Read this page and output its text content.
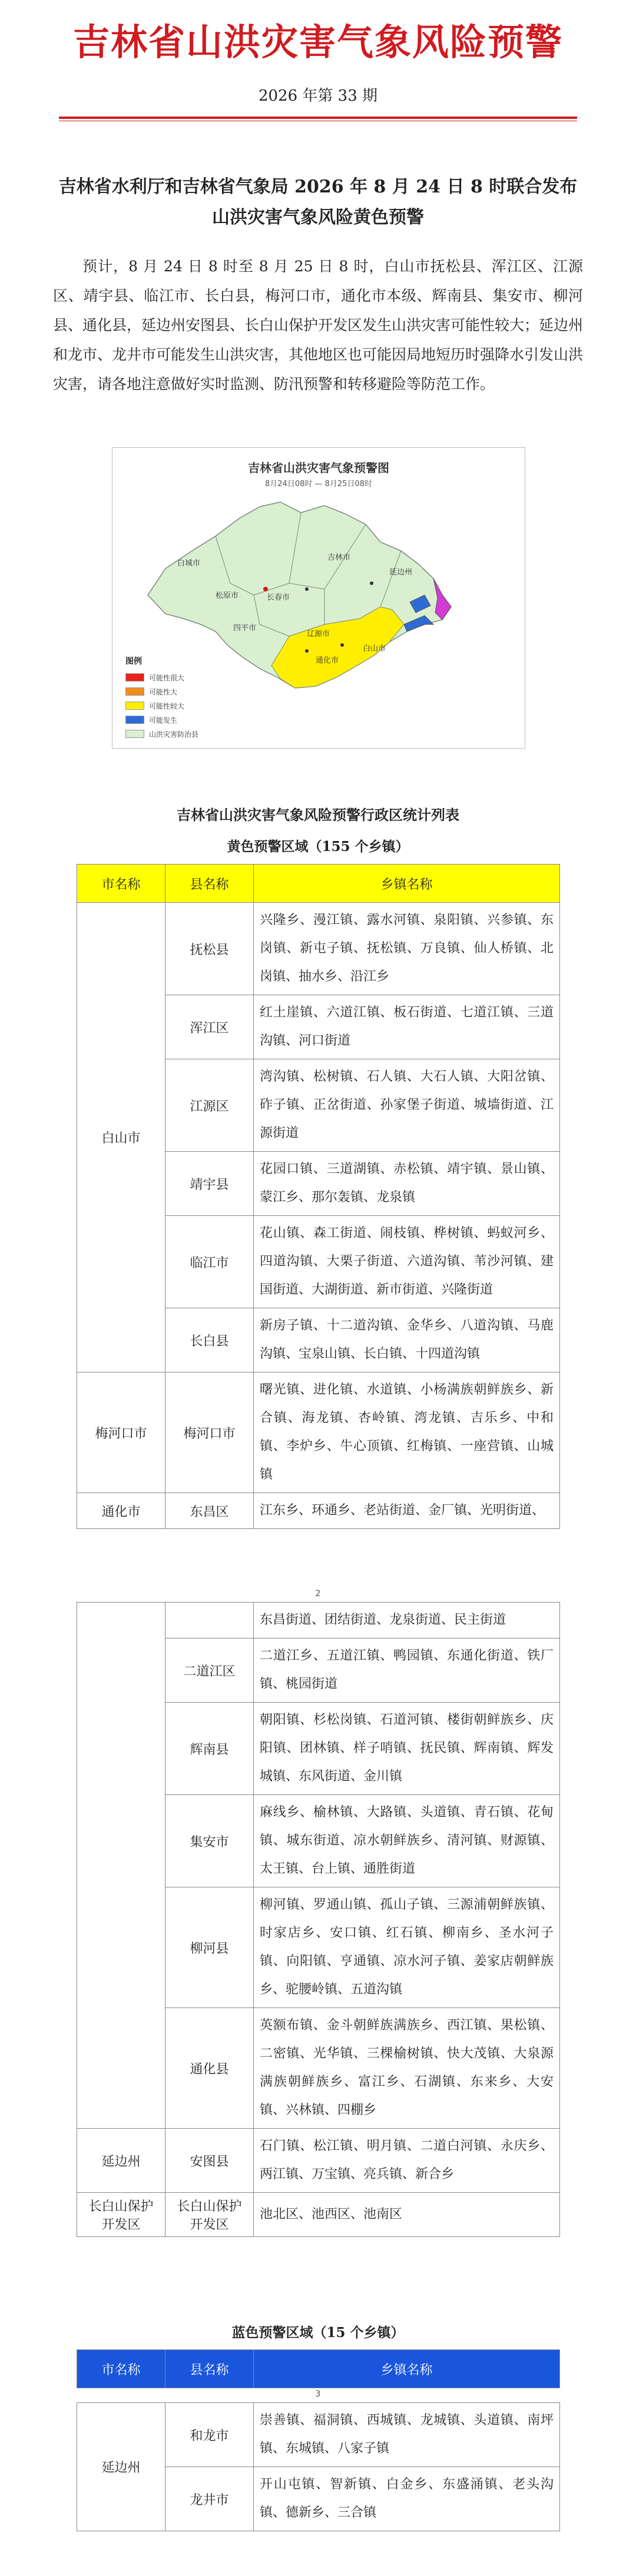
吉林省山洪灾害气象风险预警
2026 年第 33 期
吉林省水利厅和吉林省气象局 2026 年 8 月 24 日 8 时联合发布山洪灾害气象风险黄色预警
预计，8 月 24 日 8 时至 8 月 25 日 8 时，白山市抚松县、浑江区、江源区、靖宇县、临江市、长白县，梅河口市，通化市本级、辉南县、集安市、柳河县、通化县，延边州安图县、长白山保护开发区发生山洪灾害可能性较大；延边州和龙市、龙井市可能发生山洪灾害，其他地区也可能因局地短历时强降水引发山洪灾害，请各地注意做好实时监测、防汛预警和转移避险等防范工作。
白城市
松原市	长春市
吉林市
四平市
辽源市
通化市
白山市
延边州
吉林省山洪灾害气象预警图
8月24日08时 — 8月25日08时
图例
可能性很大
可能性大
可能性较大
可能发生
山洪灾害防治县
吉林省山洪灾害气象风险预警行政区统计列表
黄色预警区域（155 个乡镇）
市名称	县名称	乡镇名称
白山市	抚松县	兴隆乡、漫江镇、露水河镇、泉阳镇、兴参镇、东岗镇、新屯子镇、抚松镇、万良镇、仙人桥镇、北岗镇、抽水乡、沿江乡
	浑江区	红土崖镇、六道江镇、板石街道、七道江镇、三道沟镇、河口街道
	江源区	湾沟镇、松树镇、石人镇、大石人镇、大阳岔镇、砟子镇、正岔街道、孙家堡子街道、城墙街道、江源街道
	靖宇县	花园口镇、三道湖镇、赤松镇、靖宇镇、景山镇、蒙江乡、那尔轰镇、龙泉镇
	临江市	花山镇、森工街道、闹枝镇、桦树镇、蚂蚁河乡、四道沟镇、大栗子街道、六道沟镇、苇沙河镇、建国街道、大湖街道、新市街道、兴隆街道
	长白县	新房子镇、十二道沟镇、金华乡、八道沟镇、马鹿沟镇、宝泉山镇、长白镇、十四道沟镇
梅河口市	梅河口市	曙光镇、进化镇、水道镇、小杨满族朝鲜族乡、新合镇、海龙镇、杏岭镇、湾龙镇、吉乐乡、中和镇、李炉乡、牛心顶镇、红梅镇、一座营镇、山城镇
通化市	东昌区	江东乡、环通乡、老站街道、金厂镇、光明街道、
2
		东昌街道、团结街道、龙泉街道、民主街道
	二道江区	二道江乡、五道江镇、鸭园镇、东通化街道、铁厂镇、桃园街道
	辉南县	朝阳镇、杉松岗镇、石道河镇、楼街朝鲜族乡、庆阳镇、团林镇、样子哨镇、抚民镇、辉南镇、辉发城镇、东风街道、金川镇
	集安市	麻线乡、榆林镇、大路镇、头道镇、青石镇、花甸镇、城东街道、凉水朝鲜族乡、清河镇、财源镇、太王镇、台上镇、通胜街道
	柳河县	柳河镇、罗通山镇、孤山子镇、三源浦朝鲜族镇、时家店乡、安口镇、红石镇、柳南乡、圣水河子镇、向阳镇、亨通镇、凉水河子镇、姜家店朝鲜族乡、驼腰岭镇、五道沟镇
	通化县	英额布镇、金斗朝鲜族满族乡、西江镇、果松镇、二密镇、光华镇、三棵榆树镇、快大茂镇、大泉源满族朝鲜族乡、富江乡、石湖镇、东来乡、大安镇、兴林镇、四棚乡
延边州	安图县	石门镇、松江镇、明月镇、二道白河镇、永庆乡、两江镇、万宝镇、亮兵镇、新合乡
长白山保护开发区	长白山保护开发区	池北区、池西区、池南区
蓝色预警区域（15 个乡镇）
市名称	县名称	乡镇名称
3
延边州	和龙市	崇善镇、福洞镇、西城镇、龙城镇、头道镇、南坪镇、东城镇、八家子镇
	龙井市	开山屯镇、智新镇、白金乡、东盛涌镇、老头沟镇、德新乡、三合镇
